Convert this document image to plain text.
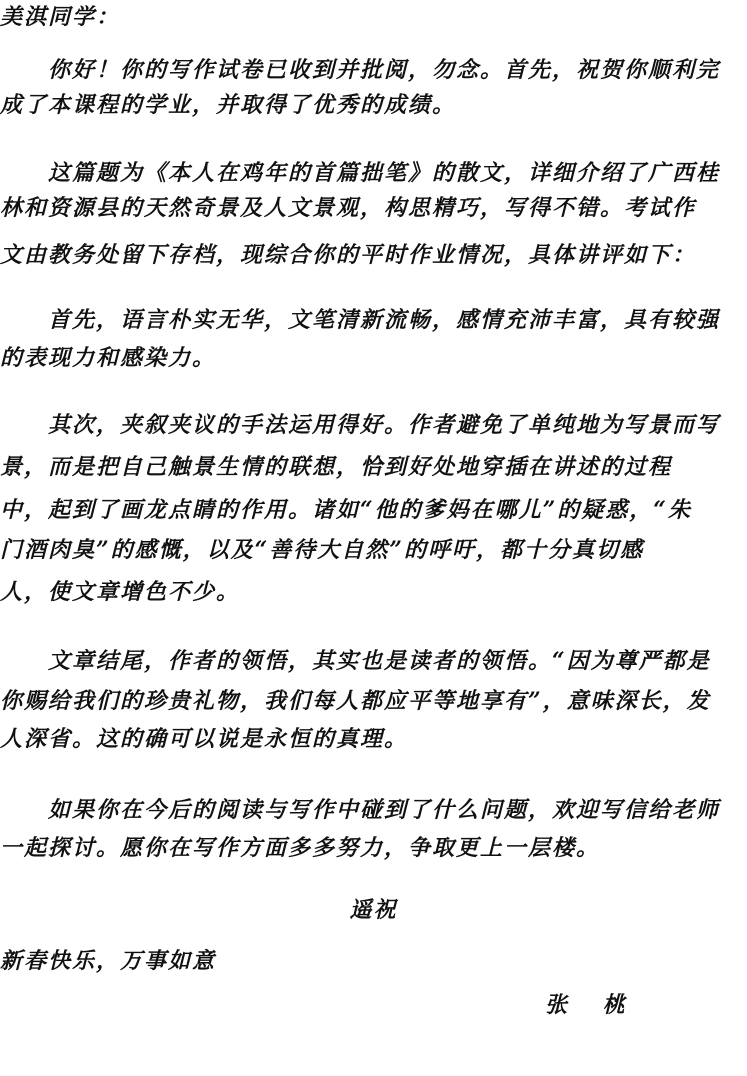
美淇同学：
你好！你的写作试卷已收到并批阅，勿念。首先，祝贺你顺利完
成了本课程的学业，并取得了优秀的成绩。
这篇题为《本人在鸡年的首篇拙笔》的散文，详细介绍了广西桂
林和资源县的天然奇景及人文景观，构思精巧，写得不错。考试作
文由教务处留下存档，现综合你的平时作业情况，具体讲评如下：
首先，语言朴实无华，文笔清新流畅，感情充沛丰富，具有较强
的表现力和感染力。
其次，夹叙夹议的手法运用得好。作者避免了单纯地为写景而写
景，而是把自己触景生情的联想，恰到好处地穿插在讲述的过程
中，起到了画龙点睛的作用。诸如“他的爹妈在哪儿”的疑惑，“朱
门酒肉臭”的感慨，以及“善待大自然”的呼吁，都十分真切感
人，使文章增色不少。
文章结尾，作者的领悟，其实也是读者的领悟。“因为尊严都是
你赐给我们的珍贵礼物，我们每人都应平等地享有”，意味深长，发
人深省。这的确可以说是永恒的真理。
如果你在今后的阅读与写作中碰到了什么问题，欢迎写信给老师
一起探讨。愿你在写作方面多多努力，争取更上一层楼。
遥祝
新春快乐，万事如意
张 桃
